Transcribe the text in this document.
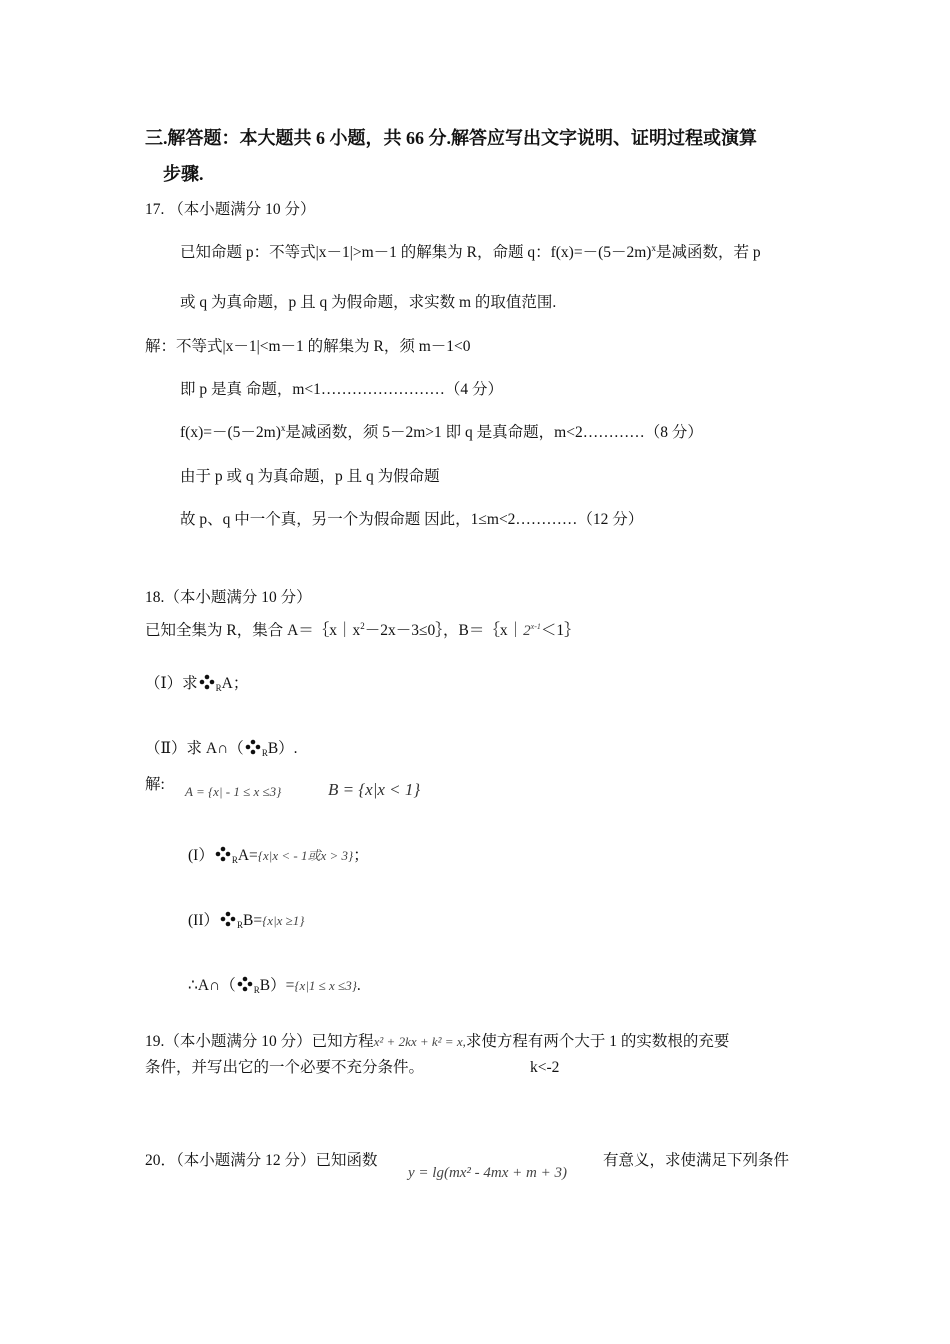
三.解答题：本大题共 6 小题，共 66 分.解答应写出文字说明、证明过程或演算
步骤.
17. （本小题满分 10 分）
已知命题 p：不等式|x－1|>m－1 的解集为 R，命题 q：$f(x)=-(5-2m)^x$是减函数，若 p
或 q 为真命题，p 且 q 为假命题，求实数 m 的取值范围.
解：不等式|x－1|<m－1 的解集为 R，须 m－1<0
即 p 是真 命题，m<1……………………（4 分）
$f(x)=-(5-2m)^x$是减函数，须 5－2m>1 即 q 是真命题，m<2…………（8 分）
由于 p 或 q 为真命题，p 且 q 为假命题
故 p、q 中一个真，另一个为假命题 因此，1≤m<2…………（12 分）
18.（本小题满分 10 分）
已知全集为 R，集合 $A=\{x|x^2-2x-3\le 0\}$，$B=\{x|2^{x-1}<1\}$
（Ⅰ）求 $_R$A；
（Ⅱ）求 A∩（ $_R$B）.
解: A = {x| - 1 ≤ x ≤3}	B = {x|x < 1}
(I） $_R$A={x|x < - 1或x > 3}；
(II） $_R$B={x|x ≥1}
∴A∩（ $_R$B）={x|1 ≤ x ≤3}.
19.（本小题满分 10 分）已知方程x² + 2kx + k² = x,求使方程有两个大于 1 的实数根的充要
条件，并写出它的一个必要不充分条件。	k<-2
20．（本小题满分 12 分）已知函数
y = lg(mx² - 4mx + m + 3)
有意义，求使满足下列条件
